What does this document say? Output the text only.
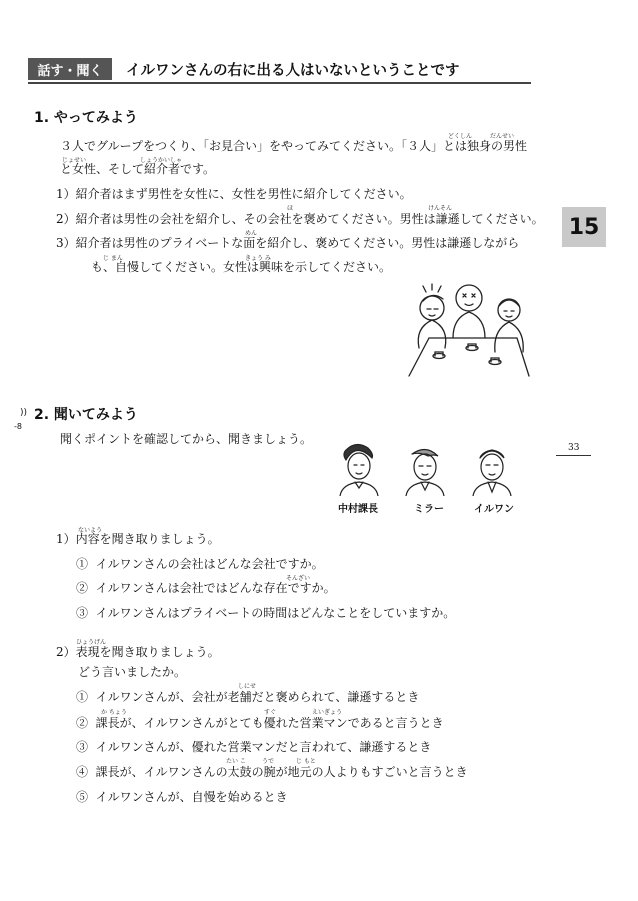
話す・聞く	イルワンさんの右に出る人はいないということです
15
1. やってみよう
どくしん	だんせい
３人でグループをつくり、「お見合い」をやってみてください。「３人」とは独身の男性
じょせい	しょうかいしゃ
と女性、そして紹介者です。
1）紹介者はまず男性を女性に、女性を男性に紹介してください。
ほ	けんそん
2）紹介者は男性の会社を紹介し、その会社を褒めてください。男性は謙遜してください。
めん
3）紹介者は男性のプライベートな面を紹介し、褒めてください。男性は謙遜しながら
じ まん	きょう み
も、自慢してください。女性は興味を示してください。
))
-8
2. 聞いてみよう
33
聞くポイントを確認してから、聞きましょう。
中村課長	ミラー	イルワン
ないよう
1）内容を聞き取りましょう。
① イルワンさんの会社はどんな会社ですか。
そんざい
② イルワンさんは会社ではどんな存在ですか。
③ イルワンさんはプライベートの時間はどんなことをしていますか。
ひょうげん
2）表現を聞き取りましょう。
どう言いましたか。
しにせ
① イルワンさんが、会社が老舗だと褒められて、謙遜するとき
か ちょう	すぐ	えいぎょう
② 課長が、イルワンさんがとても優れた営業マンであると言うとき
③ イルワンさんが、優れた営業マンだと言われて、謙遜するとき
たい こ	うで	じ もと
④ 課長が、イルワンさんの太鼓の腕が地元の人よりもすごいと言うとき
⑤ イルワンさんが、自慢を始めるとき
